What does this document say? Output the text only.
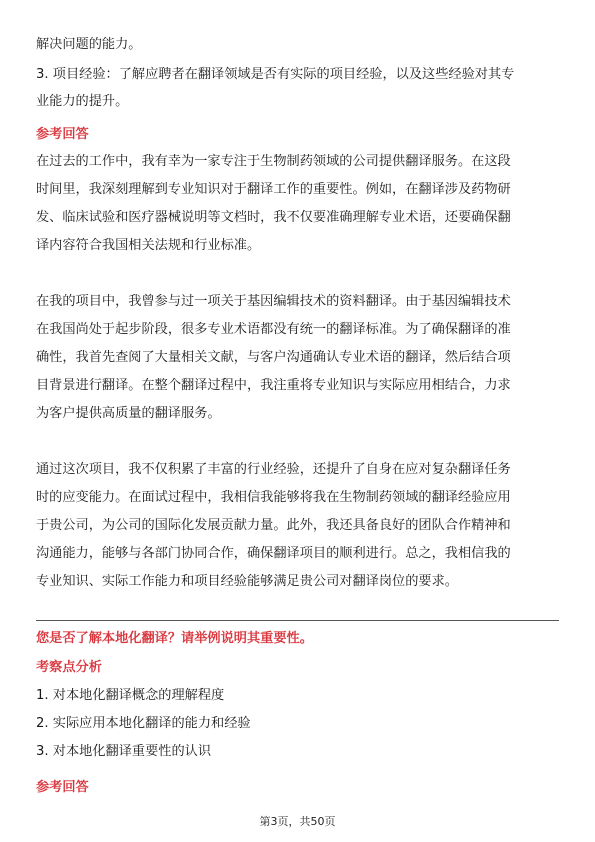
解决问题的能力。
3. 项目经验：了解应聘者在翻译领域是否有实际的项目经验，以及这些经验对其专
业能力的提升。
参考回答
在过去的工作中，我有幸为一家专注于生物制药领域的公司提供翻译服务。在这段
时间里，我深刻理解到专业知识对于翻译工作的重要性。例如，在翻译涉及药物研
发、临床试验和医疗器械说明等文档时，我不仅要准确理解专业术语，还要确保翻
译内容符合我国相关法规和行业标准。
在我的项目中，我曾参与过一项关于基因编辑技术的资料翻译。由于基因编辑技术
在我国尚处于起步阶段，很多专业术语都没有统一的翻译标准。为了确保翻译的准
确性，我首先查阅了大量相关文献，与客户沟通确认专业术语的翻译，然后结合项
目背景进行翻译。在整个翻译过程中，我注重将专业知识与实际应用相结合，力求
为客户提供高质量的翻译服务。
通过这次项目，我不仅积累了丰富的行业经验，还提升了自身在应对复杂翻译任务
时的应变能力。在面试过程中，我相信我能够将我在生物制药领域的翻译经验应用
于贵公司，为公司的国际化发展贡献力量。此外，我还具备良好的团队合作精神和
沟通能力，能够与各部门协同合作，确保翻译项目的顺利进行。总之，我相信我的
专业知识、实际工作能力和项目经验能够满足贵公司对翻译岗位的要求。
您是否了解本地化翻译？请举例说明其重要性。
考察点分析
1. 对本地化翻译概念的理解程度
2. 实际应用本地化翻译的能力和经验
3. 对本地化翻译重要性的认识
参考回答
第3页，共50页
